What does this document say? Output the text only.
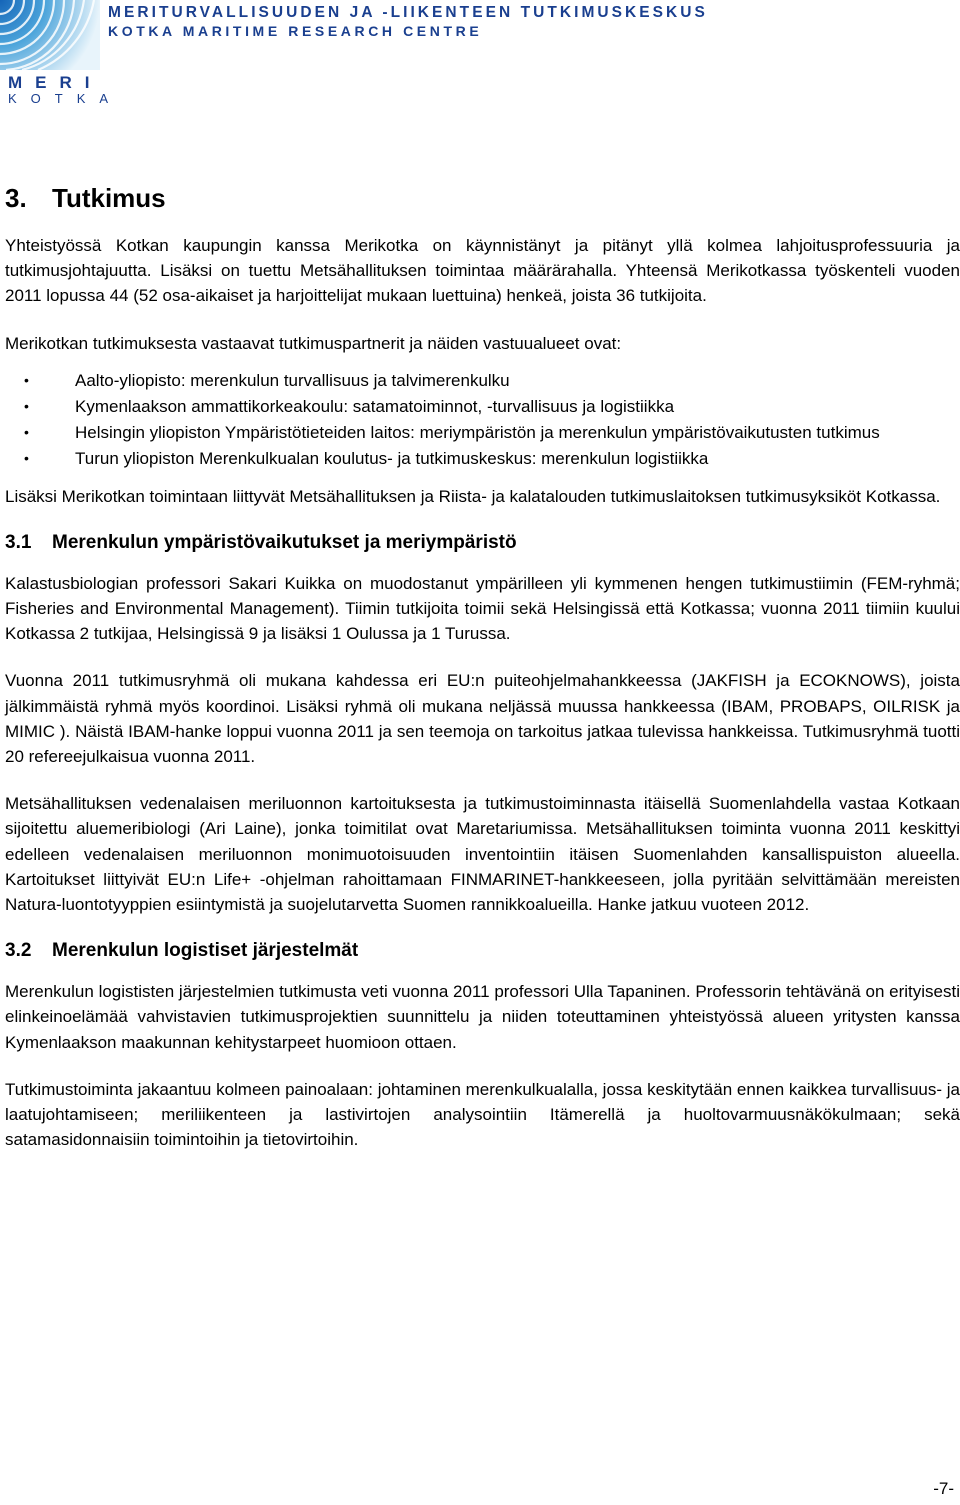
MERI
KOTKA
MERITURVALLISUUDEN JA -LIIKENTEEN TUTKIMUSKESKUS
KOTKA MARITIME RESEARCH CENTRE
3. Tutkimus

Yhteistyössä Kotkan kaupungin kanssa Merikotka on käynnistänyt ja pitänyt yllä kolmea lahjoitusprofessuuria ja tutkimusjohtajuutta. Lisäksi on tuettu Metsähallituksen toimintaa määrärahalla. Yhteensä Merikotkassa työskenteli vuoden 2011 lopussa 44 (52 osa-aikaiset ja harjoittelijat mukaan luettuina) henkeä, joista 36 tutkijoita.

Merikotkan tutkimuksesta vastaavat tutkimuspartnerit ja näiden vastuualueet ovat:

•	Aalto-yliopisto: merenkulun turvallisuus ja talvimerenkulku
•	Kymenlaakson ammattikorkeakoulu: satamatoiminnot, -turvallisuus ja logistiikka
•	Helsingin yliopiston Ympäristötieteiden laitos: meriympäristön ja merenkulun ympäristövaikutusten tutkimus
•	Turun yliopiston Merenkulkualan koulutus- ja tutkimuskeskus: merenkulun logistiikka

Lisäksi Merikotkan toimintaan liittyvät Metsähallituksen ja Riista- ja kalatalouden tutkimuslaitoksen tutkimusyksiköt Kotkassa.

3.1 Merenkulun ympäristövaikutukset ja meriympäristö

Kalastusbiologian professori Sakari Kuikka on muodostanut ympärilleen yli kymmenen hengen tutkimustiimin (FEM-ryhmä; Fisheries and Environmental Management). Tiimin tutkijoita toimii sekä Helsingissä että Kotkassa; vuonna 2011 tiimiin kuului Kotkassa 2 tutkijaa, Helsingissä 9 ja lisäksi 1 Oulussa ja 1 Turussa.

Vuonna 2011 tutkimusryhmä oli mukana kahdessa eri EU:n puiteohjelmahankkeessa (JAKFISH ja ECOKNOWS), joista jälkimmäistä ryhmä myös koordinoi. Lisäksi ryhmä oli mukana neljässä muussa hankkeessa (IBAM, PROBAPS, OILRISK ja MIMIC ). Näistä IBAM-hanke loppui vuonna 2011 ja sen teemoja on tarkoitus jatkaa tulevissa hankkeissa. Tutkimusryhmä tuotti 20 refereejulkaisua vuonna 2011.

Metsähallituksen vedenalaisen meriluonnon kartoituksesta ja tutkimustoiminnasta itäisellä Suomenlahdella vastaa Kotkaan sijoitettu aluemeribiologi (Ari Laine), jonka toimitilat ovat Maretariumissa. Metsähallituksen toiminta vuonna 2011 keskittyi edelleen vedenalaisen meriluonnon monimuotoisuuden inventointiin itäisen Suomenlahden kansallispuiston alueella. Kartoitukset liittyivät EU:n Life+ -ohjelman rahoittamaan FINMARINET-hankkeeseen, jolla pyritään selvittämään mereisten Natura-luontotyyppien esiintymistä ja suojelutarvetta Suomen rannikkoalueilla. Hanke jatkuu vuoteen 2012.

3.2 Merenkulun logistiset järjestelmät

Merenkulun logististen järjestelmien tutkimusta veti vuonna 2011 professori Ulla Tapaninen. Professorin tehtävänä on erityisesti elinkeinoelämää vahvistavien tutkimusprojektien suunnittelu ja niiden toteuttaminen yhteistyössä alueen yritysten kanssa Kymenlaakson maakunnan kehitystarpeet huomioon ottaen.

Tutkimustoiminta jakaantuu kolmeen painoalaan: johtaminen merenkulkualalla, jossa keskitytään ennen kaikkea turvallisuus- ja laatujohtamiseen; meriliikenteen ja lastivirtojen analysointiin Itämerellä ja huoltovarmuusnäkökulmaan; sekä satamasidonnaisiin toimintoihin ja tietovirtoihin.

-7-
